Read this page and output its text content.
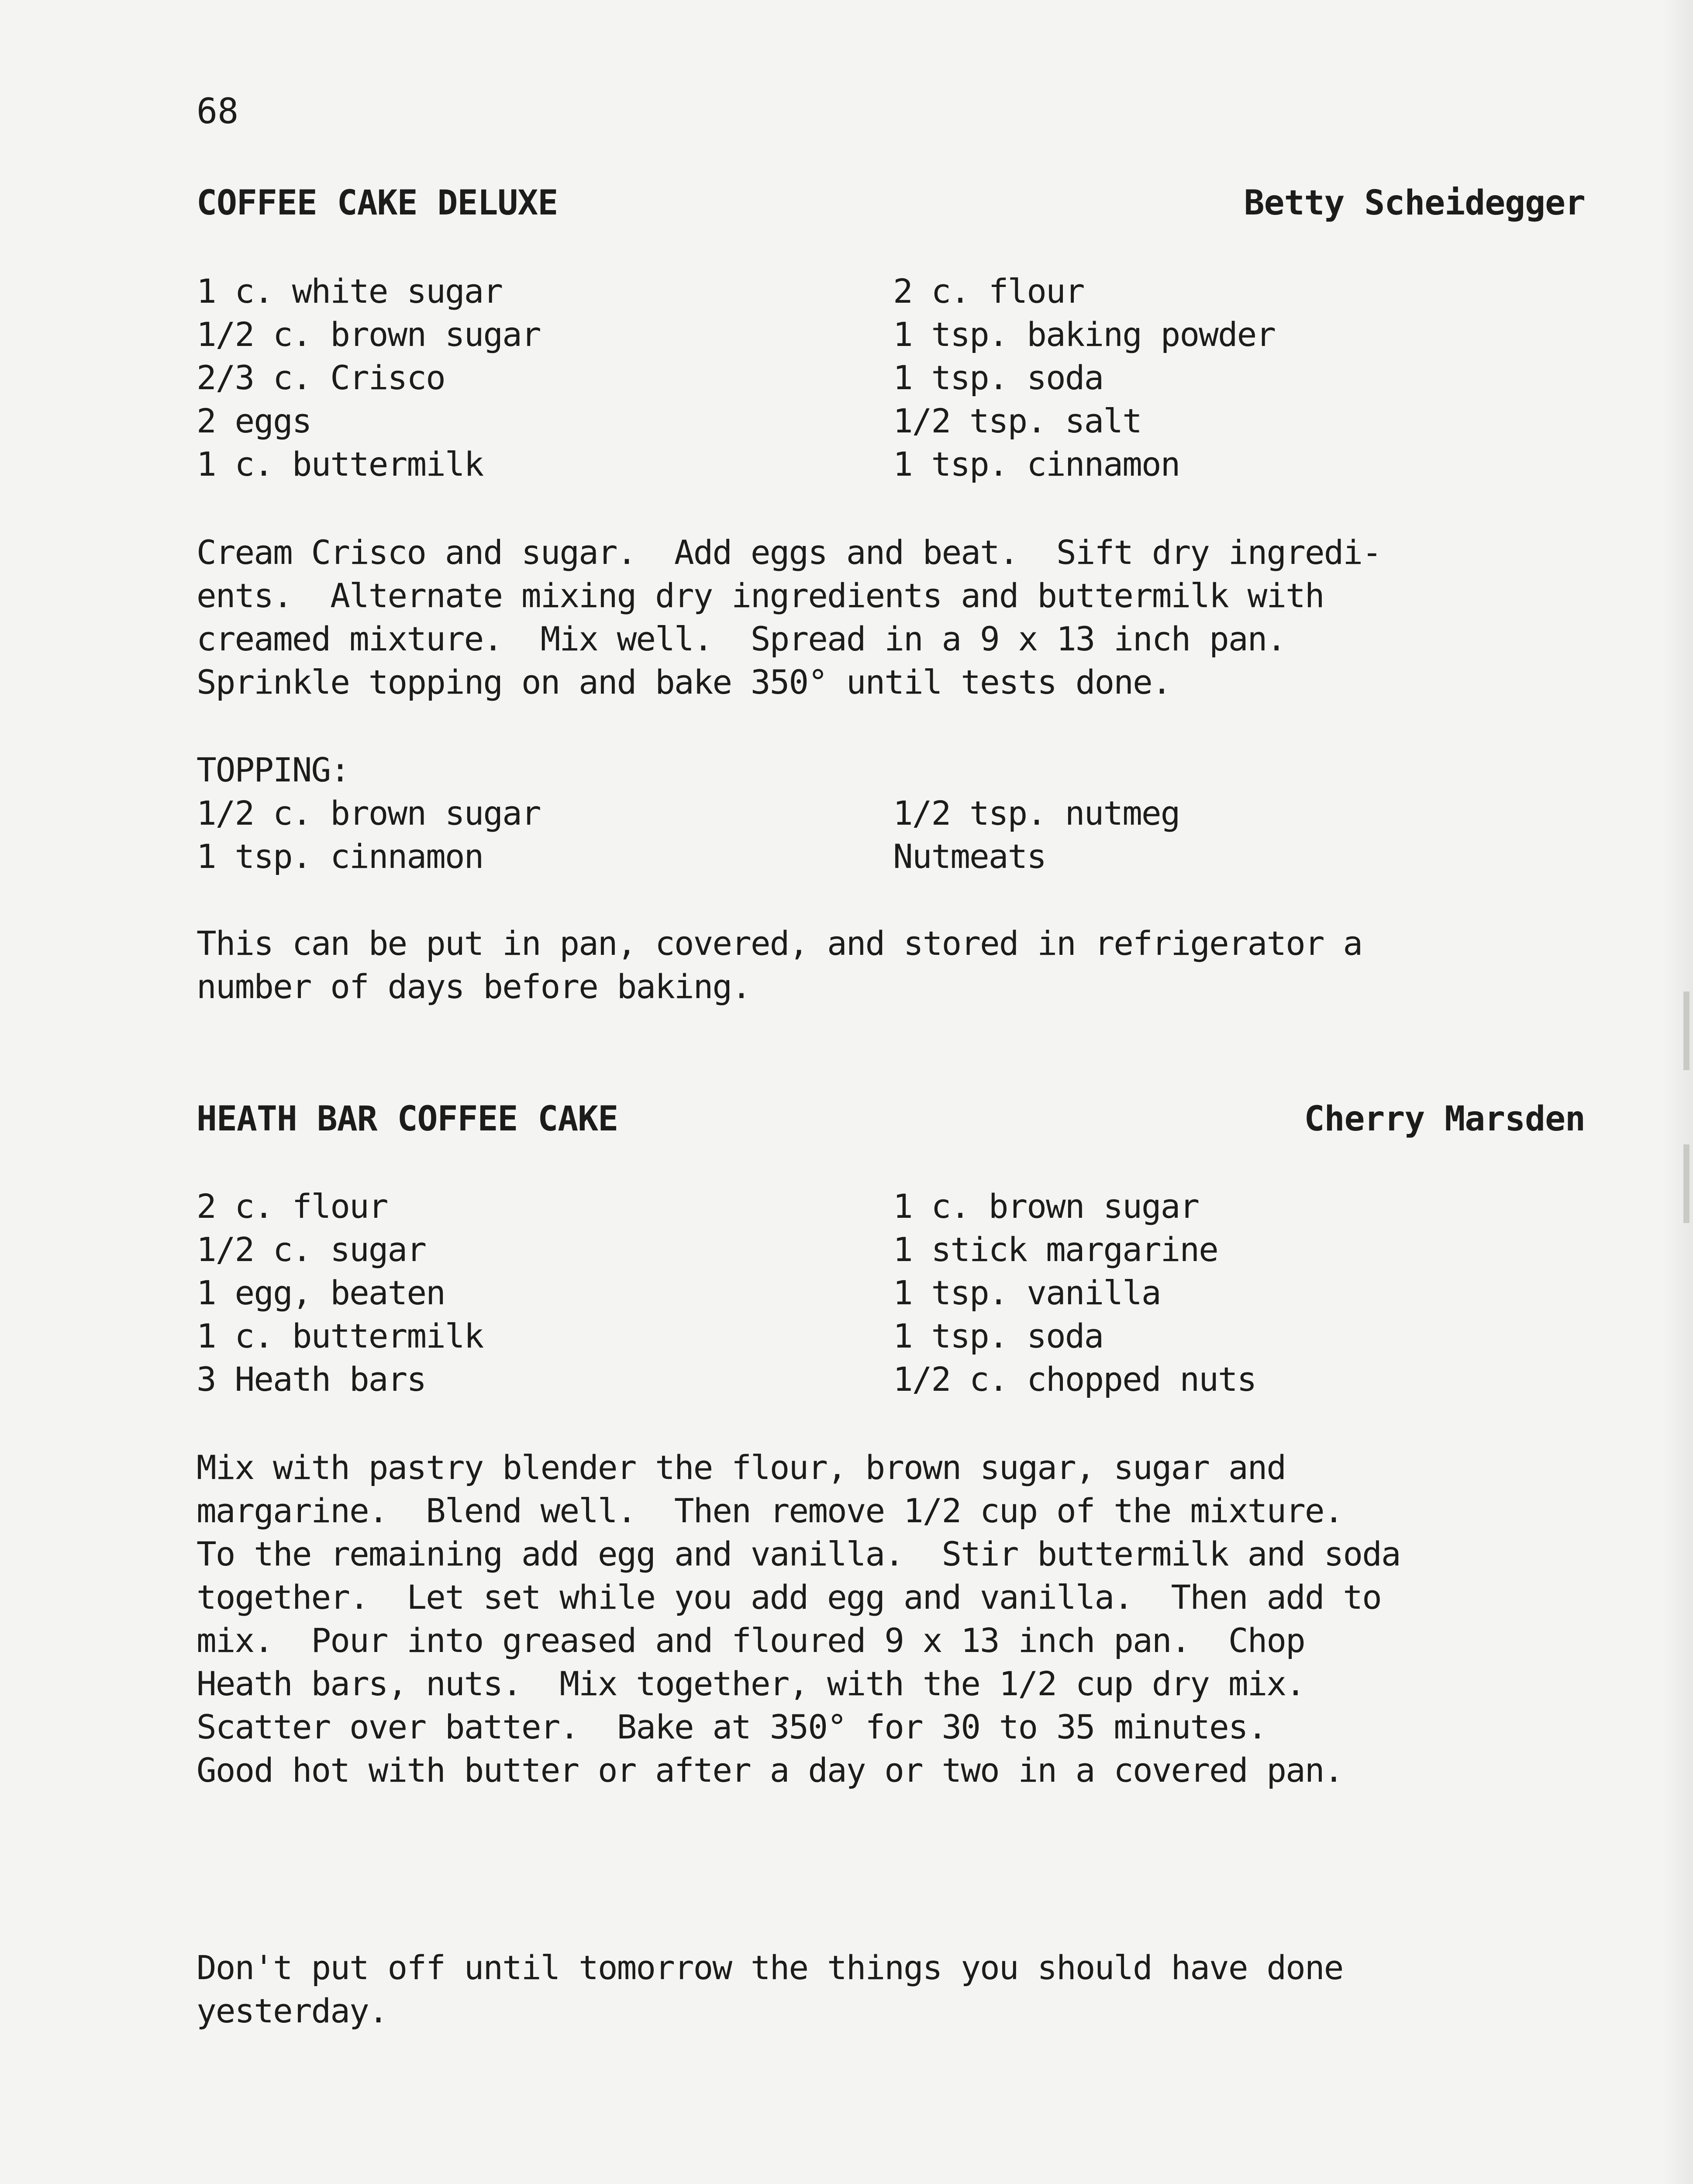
68
COFFEE CAKE DELUXE	Betty Scheidegger
1 c. white sugar
1/2 c. brown sugar
2/3 c. Crisco
2 eggs
1 c. buttermilk
2 c. flour
1 tsp. baking powder
1 tsp. soda
1/2 tsp. salt
1 tsp. cinnamon
Cream Crisco and sugar.  Add eggs and beat.  Sift dry ingredi-
ents.  Alternate mixing dry ingredients and buttermilk with
creamed mixture.  Mix well.  Spread in a 9 x 13 inch pan.
Sprinkle topping on and bake 350° until tests done.
TOPPING:
1/2 c. brown sugar
1 tsp. cinnamon
1/2 tsp. nutmeg
Nutmeats
This can be put in pan, covered, and stored in refrigerator a
number of days before baking.
HEATH BAR COFFEE CAKE	Cherry Marsden
2 c. flour
1/2 c. sugar
1 egg, beaten
1 c. buttermilk
3 Heath bars
1 c. brown sugar
1 stick margarine
1 tsp. vanilla
1 tsp. soda
1/2 c. chopped nuts
Mix with pastry blender the flour, brown sugar, sugar and
margarine.  Blend well.  Then remove 1/2 cup of the mixture.
To the remaining add egg and vanilla.  Stir buttermilk and soda
together.  Let set while you add egg and vanilla.  Then add to
mix.  Pour into greased and floured 9 x 13 inch pan.  Chop
Heath bars, nuts.  Mix together, with the 1/2 cup dry mix.
Scatter over batter.  Bake at 350° for 30 to 35 minutes.
Good hot with butter or after a day or two in a covered pan.
Don't put off until tomorrow the things you should have done
yesterday.
